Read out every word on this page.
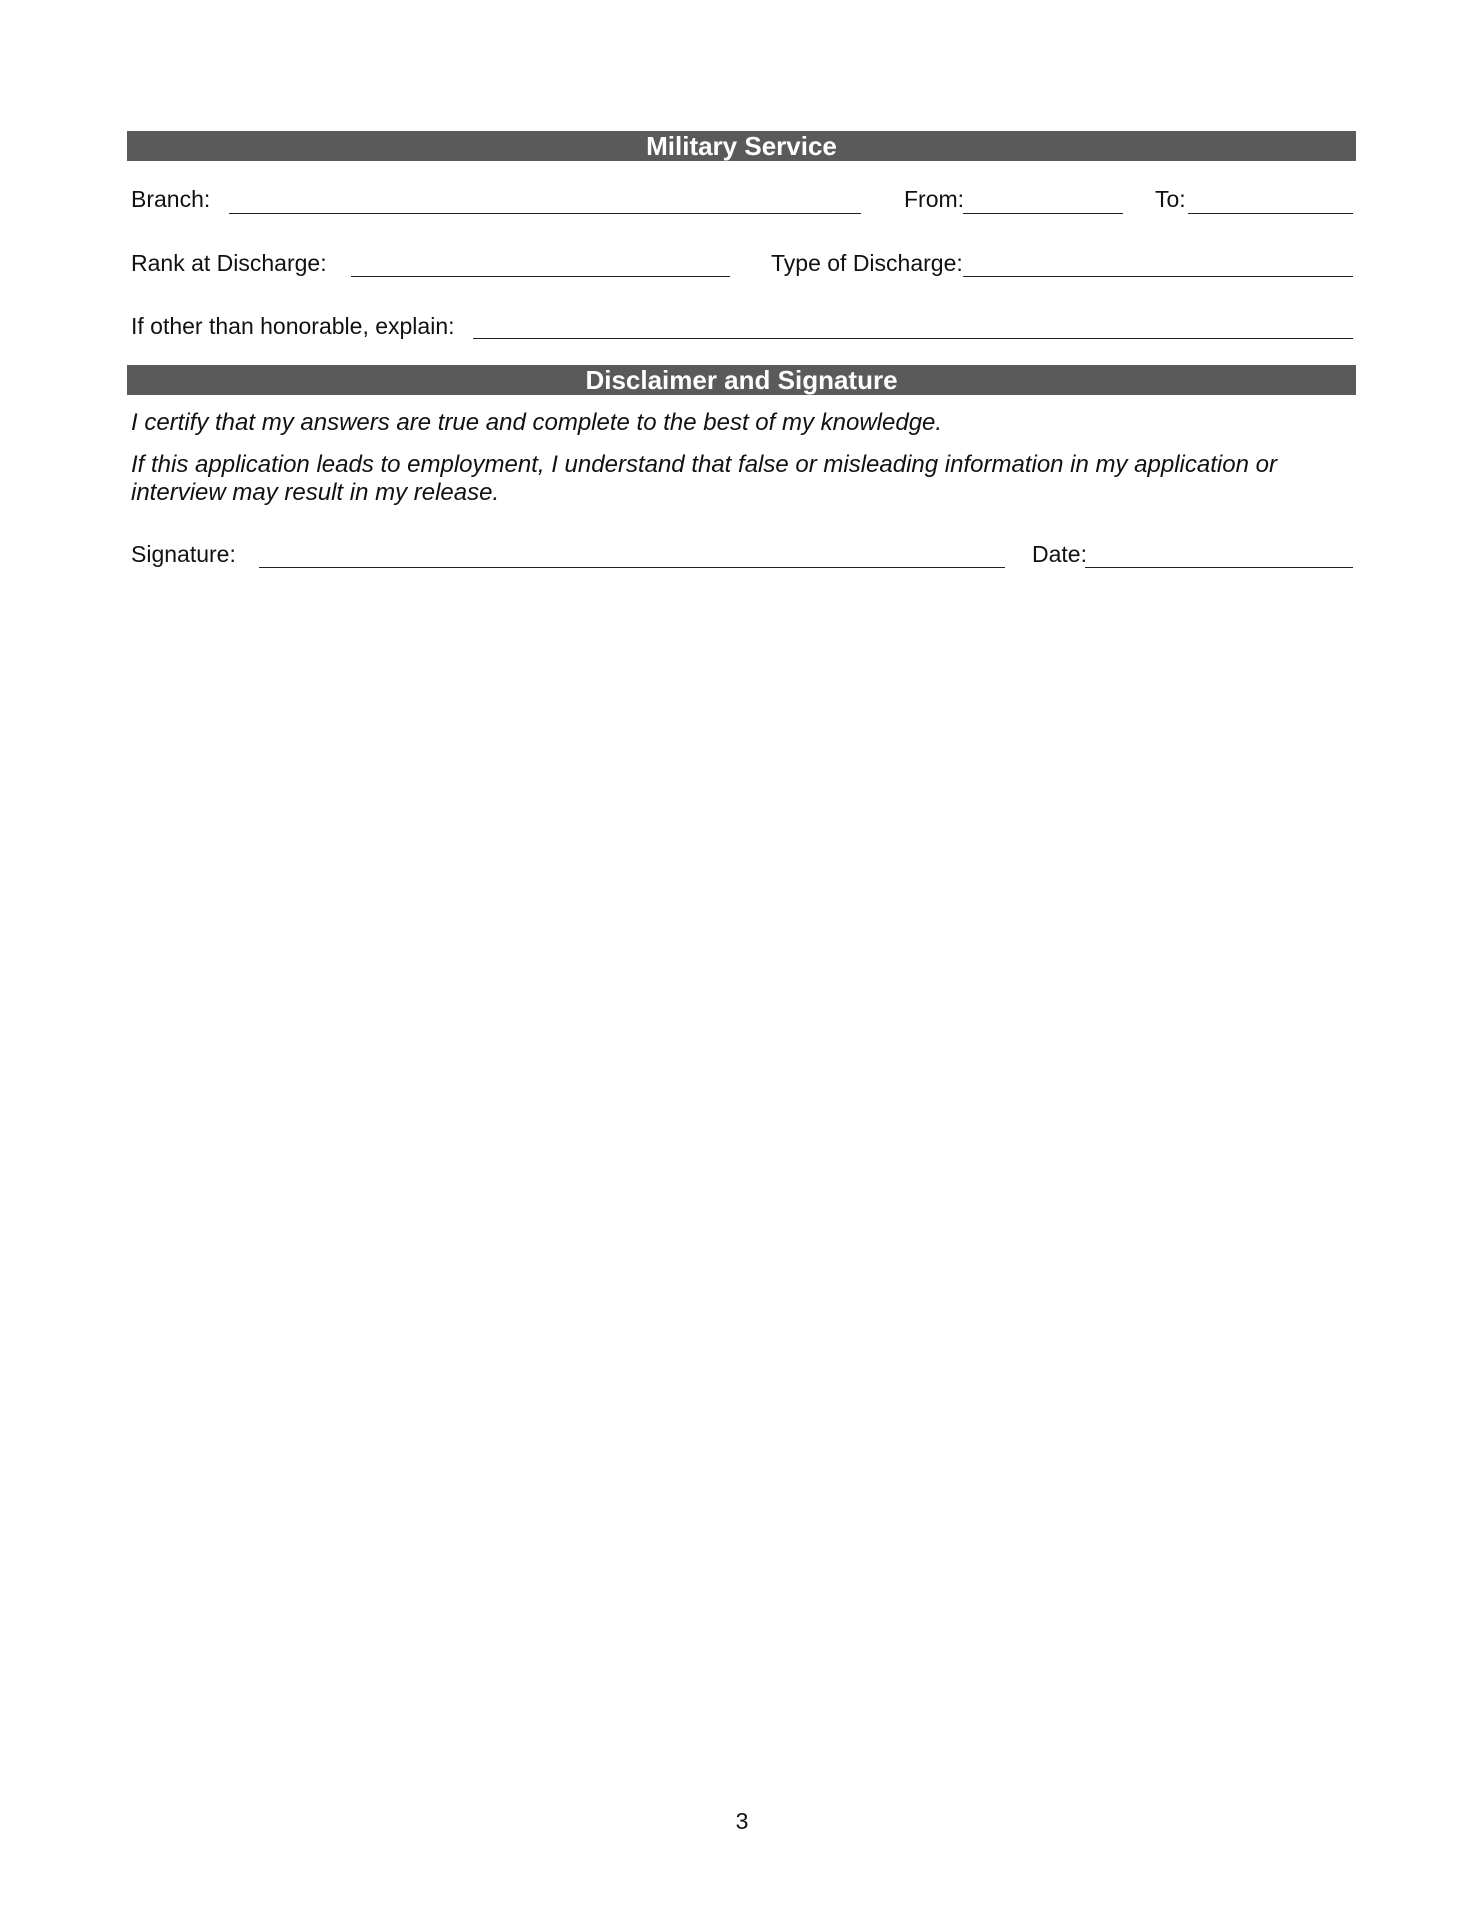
Military Service
Branch:	From:	To:
Rank at Discharge:	Type of Discharge:
If other than honorable, explain:
Disclaimer and Signature
I certify that my answers are true and complete to the best of my knowledge.
If this application leads to employment, I understand that false or misleading information in my application or
interview may result in my release.
Signature:	Date:
3
